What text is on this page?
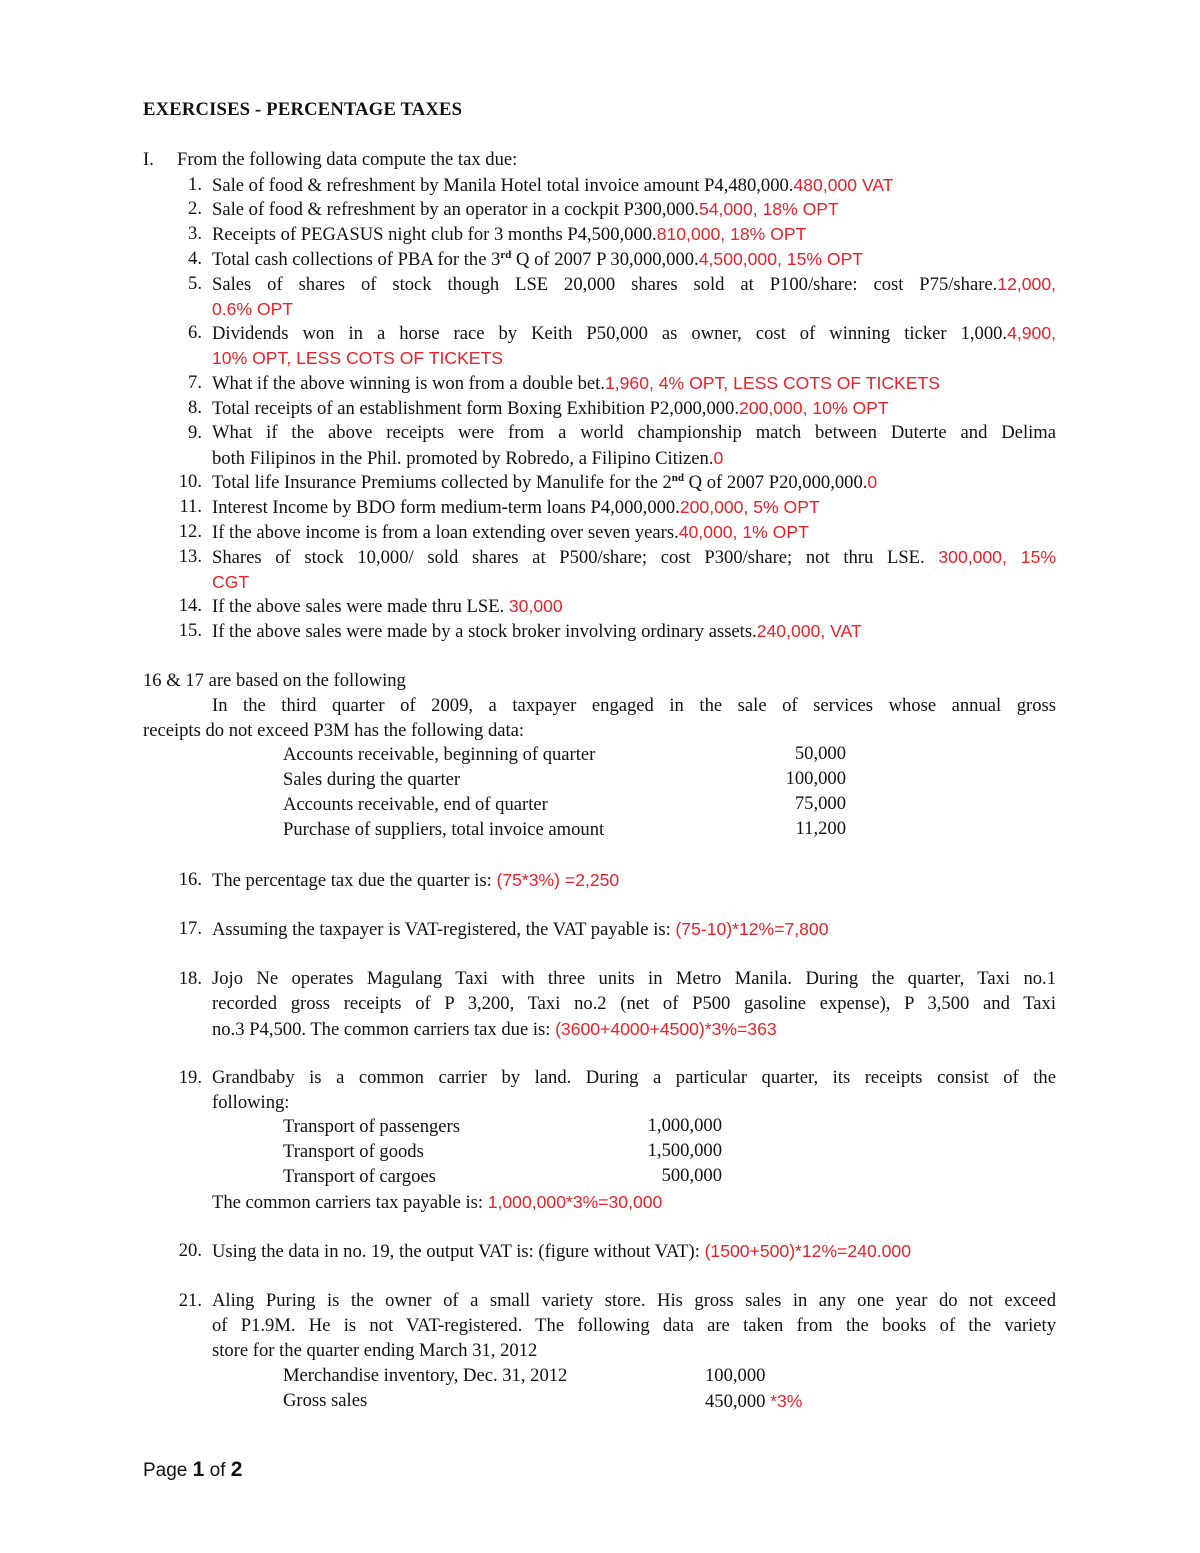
EXERCISES - PERCENTAGE TAXES
I. From the following data compute the tax due:
1. Sale of food & refreshment by Manila Hotel total invoice amount P4,480,000.480,000 VAT
2. Sale of food & refreshment by an operator in a cockpit P300,000.54,000, 18% OPT
3. Receipts of PEGASUS night club for 3 months P4,500,000.810,000, 18% OPT
4. Total cash collections of PBA for the 3rd Q of 2007 P 30,000,000.4,500,000, 15% OPT
5. Sales of shares of stock though LSE 20,000 shares sold at P100/share: cost P75/share.12,000,
0.6% OPT
6. Dividends won in a horse race by Keith P50,000 as owner, cost of winning ticker 1,000.4,900,
10% OPT, LESS COTS OF TICKETS
7. What if the above winning is won from a double bet.1,960, 4% OPT, LESS COTS OF TICKETS
8. Total receipts of an establishment form Boxing Exhibition P2,000,000.200,000, 10% OPT
9. What if the above receipts were from a world championship match between Duterte and Delima
both Filipinos in the Phil. promoted by Robredo, a Filipino Citizen.0
10. Total life Insurance Premiums collected by Manulife for the 2nd Q of 2007 P20,000,000.0
11. Interest Income by BDO form medium-term loans P4,000,000.200,000, 5% OPT
12. If the above income is from a loan extending over seven years.40,000, 1% OPT
13. Shares of stock 10,000/ sold shares at P500/share; cost P300/share; not thru LSE. 300,000, 15%
CGT
14. If the above sales were made thru LSE. 30,000
15. If the above sales were made by a stock broker involving ordinary assets.240,000, VAT
16 & 17 are based on the following
In the third quarter of 2009, a taxpayer engaged in the sale of services whose annual gross
receipts do not exceed P3M has the following data:
Accounts receivable, beginning of quarter	50,000
Sales during the quarter	100,000
Accounts receivable, end of quarter	75,000
Purchase of suppliers, total invoice amount	11,200
16. The percentage tax due the quarter is: (75*3%) =2,250
17. Assuming the taxpayer is VAT-registered, the VAT payable is: (75-10)*12%=7,800
18. Jojo Ne operates Magulang Taxi with three units in Metro Manila. During the quarter, Taxi no.1
recorded gross receipts of P 3,200, Taxi no.2 (net of P500 gasoline expense), P 3,500 and Taxi
no.3 P4,500. The common carriers tax due is: (3600+4000+4500)*3%=363
19. Grandbaby is a common carrier by land. During a particular quarter, its receipts consist of the
following:
Transport of passengers	1,000,000
Transport of goods	1,500,000
Transport of cargoes	500,000
The common carriers tax payable is: 1,000,000*3%=30,000
20. Using the data in no. 19, the output VAT is: (figure without VAT): (1500+500)*12%=240.000
21. Aling Puring is the owner of a small variety store. His gross sales in any one year do not exceed
of P1.9M. He is not VAT-registered. The following data are taken from the books of the variety
store for the quarter ending March 31, 2012
Merchandise inventory, Dec. 31, 2012	100,000
Gross sales	450,000 *3%
Page 1 of 2
